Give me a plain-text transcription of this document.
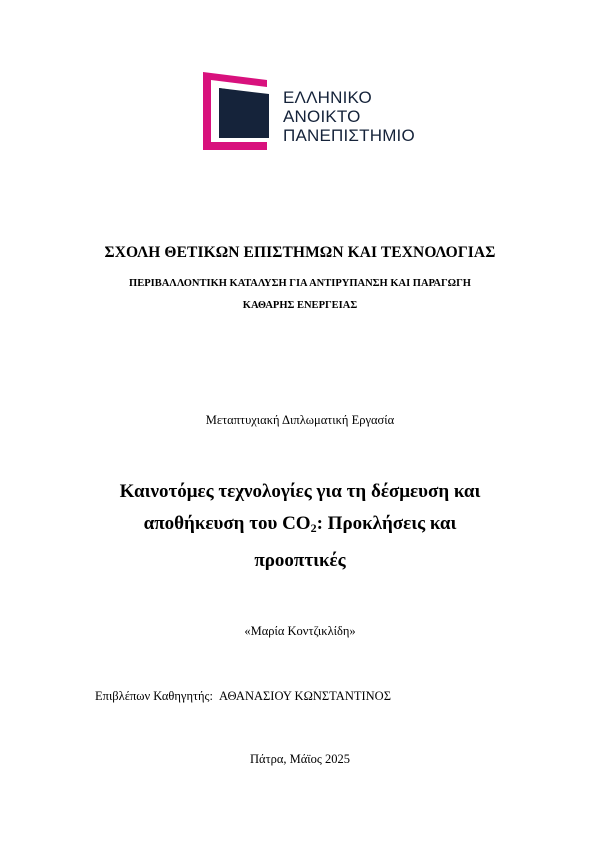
ΕΛΛΗΝΙΚΟ
ΑΝΟΙΚΤΟ
ΠΑΝΕΠΙΣΤΗΜΙΟ
ΣΧΟΛΗ ΘΕΤΙΚΩΝ ΕΠΙΣΤΗΜΩΝ ΚΑΙ ΤΕΧΝΟΛΟΓΙΑΣ
ΠΕΡΙΒΑΛΛΟΝΤΙΚΗ ΚΑΤΑΛΥΣΗ ΓΙΑ ΑΝΤΙΡΥΠΑΝΣΗ ΚΑΙ ΠΑΡΑΓΩΓΗ
ΚΑΘΑΡΗΣ ΕΝΕΡΓΕΙΑΣ
Μεταπτυχιακή Διπλωματική Εργασία
Καινοτόμες τεχνολογίες για τη δέσμευση και
αποθήκευση του $CO_2$: Προκλήσεις και
προοπτικές
«Μαρία Κοντζικλίδη»
Επιβλέπων Καθηγητής: ΑΘΑΝΑΣΙΟΥ ΚΩΝΣΤΑΝΤΙΝΟΣ
Πάτρα, Μάϊος 2025
